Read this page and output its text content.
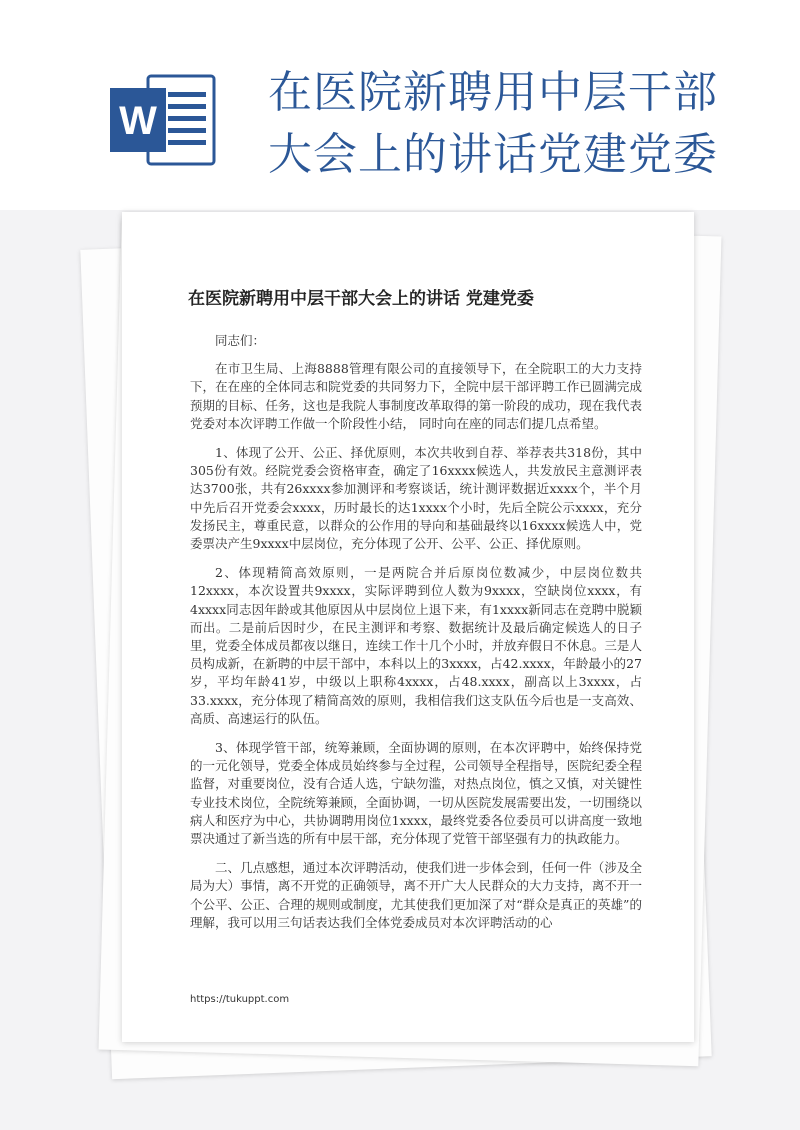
W
在医院新聘用中层干部
大会上的讲话党建党委
在医院新聘用中层干部大会上的讲话 党建党委

同志们：

在市卫生局、上海8888管理有限公司的直接领导下，在全院职工的大力支持下，在在座的全体同志和院党委的共同努力下，全院中层干部评聘工作已圆满完成预期的目标、任务，这也是我院人事制度改革取得的第一阶段的成功，现在我代表党委对本次评聘工作做一个阶段性小结， 同时向在座的同志们提几点希望。

1、体现了公开、公正、择优原则，本次共收到自荐、举荐表共318份，其中305份有效。经院党委会资格审查，确定了16xxxx候选人，共发放民主意测评表达3700张，共有26xxxx参加测评和考察谈话，统计测评数据近xxxx个，半个月中先后召开党委会xxxx，历时最长的达1xxxx个小时，先后全院公示xxxx，充分发扬民主，尊重民意，以群众的公作用的导向和基础最终以16xxxx候选人中，党委票决产生9xxxx中层岗位，充分体现了公开、公平、公正、择优原则。

2、体现精简高效原则，一是两院合并后原岗位数减少，中层岗位数共12xxxx，本次设置共9xxxx，实际评聘到位人数为9xxxx，空缺岗位xxxx，有4xxxx同志因年龄或其他原因从中层岗位上退下来，有1xxxx新同志在竞聘中脱颖而出。二是前后因时少，在民主测评和考察、数据统计及最后确定候选人的日子里，党委全体成员都夜以继日，连续工作十几个小时，并放弃假日不休息。三是人员构成新，在新聘的中层干部中，本科以上的3xxxx，占42.xxxx，年龄最小的27岁，平均年龄41岁，中级以上职称4xxxx，占48.xxxx，副高以上3xxxx，占33.xxxx，充分体现了精简高效的原则，我相信我们这支队伍今后也是一支高效、高质、高速运行的队伍。

3、体现学管干部，统筹兼顾，全面协调的原则，在本次评聘中，始终保持党的一元化领导，党委全体成员始终参与全过程，公司领导全程指导，医院纪委全程监督，对重要岗位，没有合适人选，宁缺勿滥，对热点岗位，慎之又慎，对关键性专业技术岗位，全院统筹兼顾，全面协调，一切从医院发展需要出发，一切围绕以病人和医疗为中心，共协调聘用岗位1xxxx，最终党委各位委员可以讲高度一致地票决通过了新当选的所有中层干部，充分体现了党管干部坚强有力的执政能力。

二、几点感想，通过本次评聘活动，使我们进一步体会到，任何一件（涉及全局为大）事情，离不开党的正确领导，离不开广大人民群众的大力支持，离不开一个公平、公正、合理的规则或制度，尤其使我们更加深了对“群众是真正的英雄”的理解，我可以用三句话表达我们全体党委成员对本次评聘活动的心

https://tukuppt.com
